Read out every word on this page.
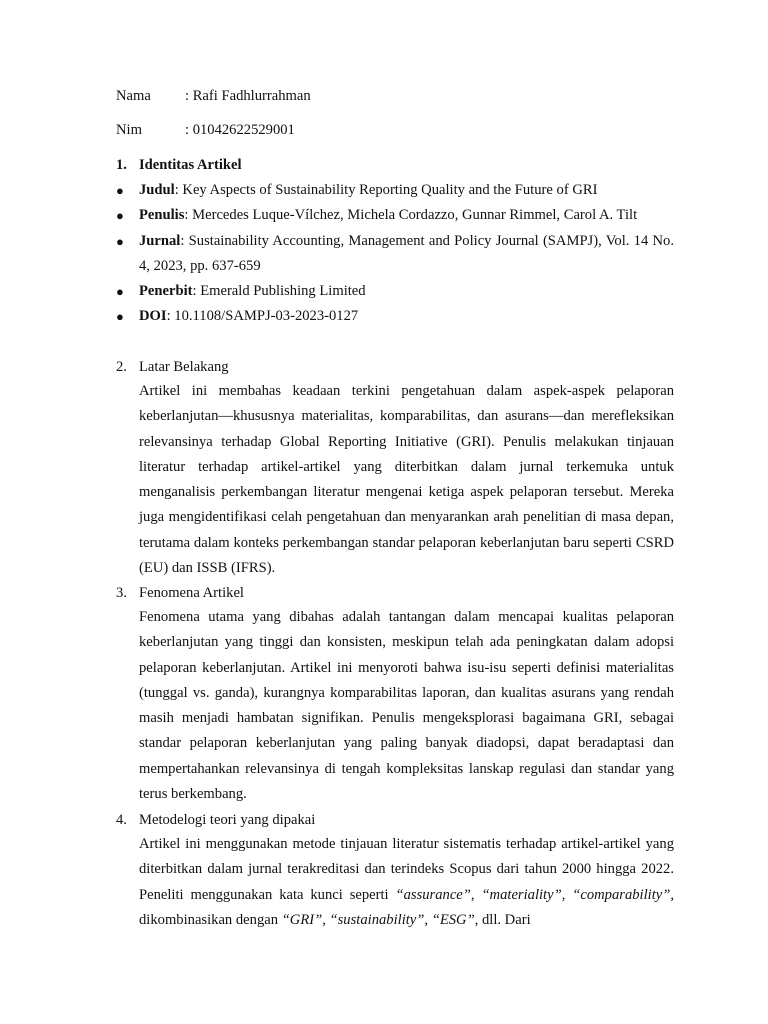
Nama : Rafi Fadhlurrahman
Nim	: 01042622529001
1. Identitas Artikel
●	Judul: Key Aspects of Sustainability Reporting Quality and the Future of GRI
●	Penulis: Mercedes Luque-Vílchez, Michela Cordazzo, Gunnar Rimmel, Carol A. Tilt
●	Jurnal: Sustainability Accounting, Management and Policy Journal (SAMPJ), Vol. 14 No. 4, 2023, pp. 637-659
●	Penerbit: Emerald Publishing Limited
●	DOI: 10.1108/SAMPJ-03-2023-0127
2. Latar Belakang
Artikel ini membahas keadaan terkini pengetahuan dalam aspek-aspek pelaporan keberlanjutan—khususnya materialitas, komparabilitas, dan asurans—dan merefleksikan relevansinya terhadap Global Reporting Initiative (GRI). Penulis melakukan tinjauan literatur terhadap artikel-artikel yang diterbitkan dalam jurnal terkemuka untuk menganalisis perkembangan literatur mengenai ketiga aspek pelaporan tersebut. Mereka juga mengidentifikasi celah pengetahuan dan menyarankan arah penelitian di masa depan, terutama dalam konteks perkembangan standar pelaporan keberlanjutan baru seperti CSRD (EU) dan ISSB (IFRS).
3. Fenomena Artikel
Fenomena utama yang dibahas adalah tantangan dalam mencapai kualitas pelaporan keberlanjutan yang tinggi dan konsisten, meskipun telah ada peningkatan dalam adopsi pelaporan keberlanjutan. Artikel ini menyoroti bahwa isu-isu seperti definisi materialitas (tunggal vs. ganda), kurangnya komparabilitas laporan, dan kualitas asurans yang rendah masih menjadi hambatan signifikan. Penulis mengeksplorasi bagaimana GRI, sebagai standar pelaporan keberlanjutan yang paling banyak diadopsi, dapat beradaptasi dan mempertahankan relevansinya di tengah kompleksitas lanskap regulasi dan standar yang terus berkembang.
4. Metodelogi teori yang dipakai
Artikel ini menggunakan metode tinjauan literatur sistematis terhadap artikel-artikel yang diterbitkan dalam jurnal terakreditasi dan terindeks Scopus dari tahun 2000 hingga 2022. Peneliti menggunakan kata kunci seperti “assurance”, “materiality”, “comparability”, dikombinasikan dengan “GRI”, “sustainability”, “ESG”, dll. Dari
